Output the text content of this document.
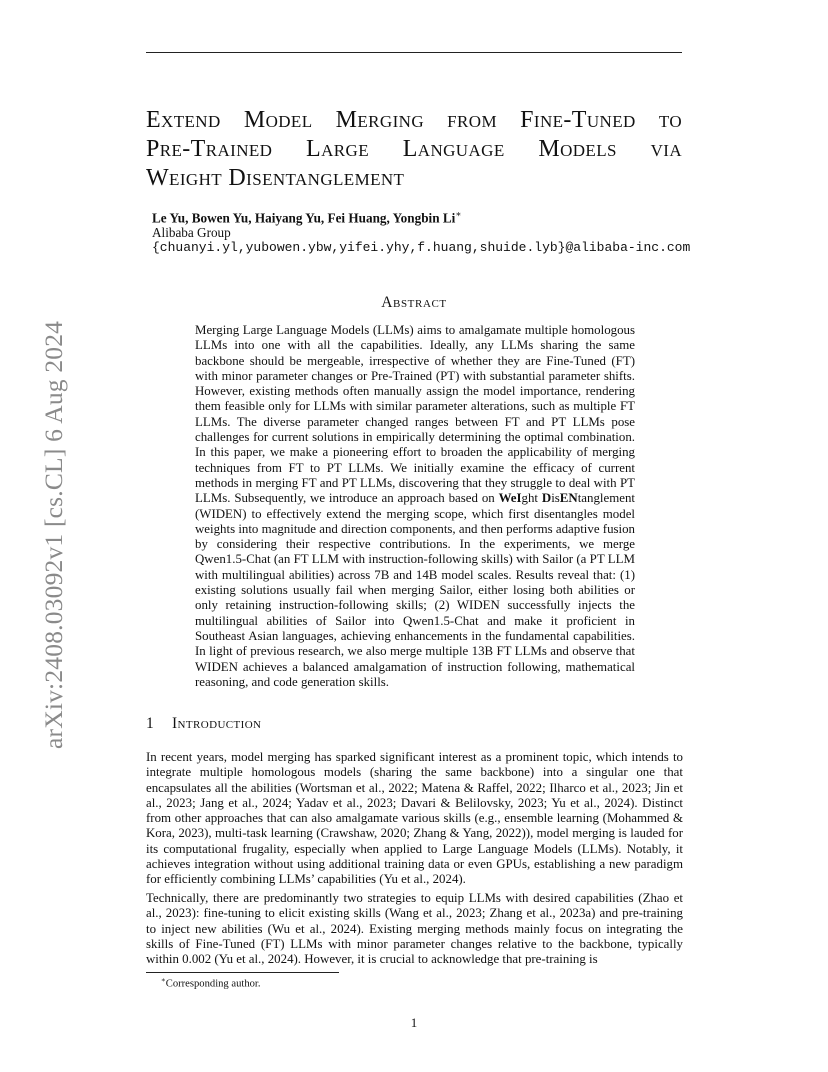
arXiv:2408.03092v1 [cs.CL] 6 Aug 2024
Extend Model Merging from Fine-Tuned to
Pre-Trained Large Language Models via
Weight Disentanglement
Le Yu, Bowen Yu, Haiyang Yu, Fei Huang, Yongbin Li∗
Alibaba Group
{chuanyi.yl,yubowen.ybw,yifei.yhy,f.huang,shuide.lyb}@alibaba-inc.com
Abstract
Merging Large Language Models (LLMs) aims to amalgamate multiple homologous LLMs into one with all the capabilities. Ideally, any LLMs sharing the same backbone should be mergeable, irrespective of whether they are Fine-Tuned (FT) with minor parameter changes or Pre-Trained (PT) with substantial parameter shifts. However, existing methods often manually assign the model importance, rendering them feasible only for LLMs with similar parameter alterations, such as multiple FT LLMs. The diverse parameter changed ranges between FT and PT LLMs pose challenges for current solutions in empirically determining the optimal combination. In this paper, we make a pioneering effort to broaden the applicability of merging techniques from FT to PT LLMs. We initially examine the efficacy of current methods in merging FT and PT LLMs, discovering that they struggle to deal with PT LLMs. Subsequently, we introduce an approach based on WeIght DisENtanglement (WIDEN) to effectively extend the merging scope, which first disentangles model weights into magnitude and direction components, and then performs adaptive fusion by considering their respective contributions. In the experiments, we merge Qwen1.5-Chat (an FT LLM with instruction-following skills) with Sailor (a PT LLM with multilingual abilities) across 7B and 14B model scales. Results reveal that: (1) existing solutions usually fail when merging Sailor, either losing both abilities or only retaining instruction-following skills; (2) WIDEN successfully injects the multilingual abilities of Sailor into Qwen1.5-Chat and make it proficient in Southeast Asian languages, achieving enhancements in the fundamental capabilities. In light of previous research, we also merge multiple 13B FT LLMs and observe that WIDEN achieves a balanced amalgamation of instruction following, mathematical reasoning, and code generation skills.
1 Introduction
In recent years, model merging has sparked significant interest as a prominent topic, which intends to integrate multiple homologous models (sharing the same backbone) into a singular one that encapsulates all the abilities (Wortsman et al., 2022; Matena & Raffel, 2022; Ilharco et al., 2023; Jin et al., 2023; Jang et al., 2024; Yadav et al., 2023; Davari & Belilovsky, 2023; Yu et al., 2024). Distinct from other approaches that can also amalgamate various skills (e.g., ensemble learning (Mohammed & Kora, 2023), multi-task learning (Crawshaw, 2020; Zhang & Yang, 2022)), model merging is lauded for its computational frugality, especially when applied to Large Language Models (LLMs). Notably, it achieves integration without using additional training data or even GPUs, establishing a new paradigm for efficiently combining LLMs’ capabilities (Yu et al., 2024).
Technically, there are predominantly two strategies to equip LLMs with desired capabilities (Zhao et al., 2023): fine-tuning to elicit existing skills (Wang et al., 2023; Zhang et al., 2023a) and pre-training to inject new abilities (Wu et al., 2024). Existing merging methods mainly focus on integrating the skills of Fine-Tuned (FT) LLMs with minor parameter changes relative to the backbone, typically within 0.002 (Yu et al., 2024). However, it is crucial to acknowledge that pre-training is
∗Corresponding author.
1
